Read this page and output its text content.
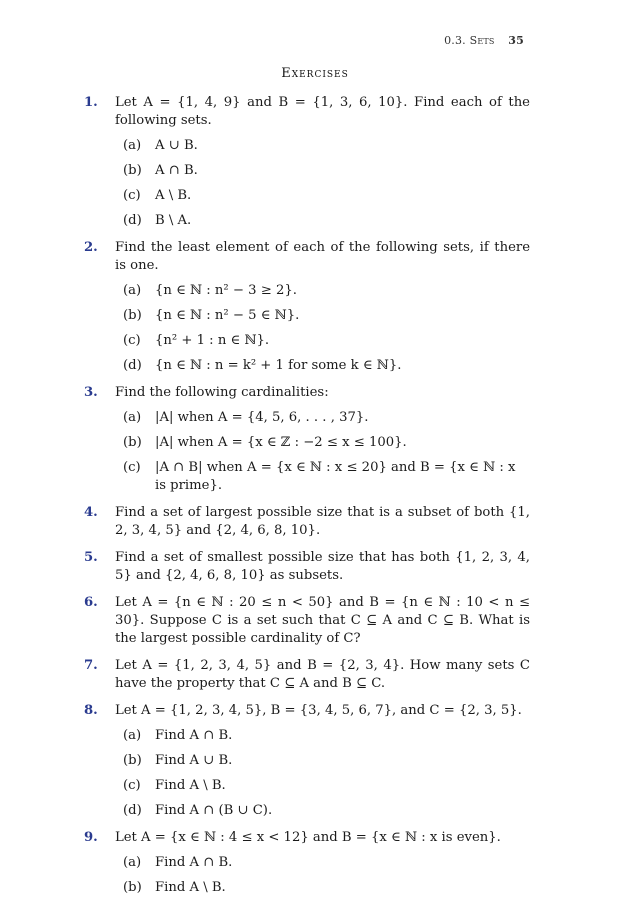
0.3. Sets 35
Exercises
1.	Let A = {1, 4, 9} and B = {1, 3, 6, 10}. Find each of the following sets.
(a) A ∪ B.
(b) A ∩ B.
(c) A \ B.
(d) B \ A.
2.	Find the least element of each of the following sets, if there is one.
(a) {n ∈ ℕ : n² − 3 ≥ 2}.
(b) {n ∈ ℕ : n² − 5 ∈ ℕ}.
(c) {n² + 1 : n ∈ ℕ}.
(d) {n ∈ ℕ : n = k² + 1 for some k ∈ ℕ}.
3.	Find the following cardinalities:
(a) |A| when A = {4, 5, 6, . . . , 37}.
(b) |A| when A = {x ∈ ℤ : −2 ≤ x ≤ 100}.
(c) |A ∩ B| when A = {x ∈ ℕ : x ≤ 20} and B = {x ∈ ℕ : x is prime}.
4.	Find a set of largest possible size that is a subset of both {1, 2, 3, 4, 5} and {2, 4, 6, 8, 10}.
5.	Find a set of smallest possible size that has both {1, 2, 3, 4, 5} and {2, 4, 6, 8, 10} as subsets.
6.	Let A = {n ∈ ℕ : 20 ≤ n < 50} and B = {n ∈ ℕ : 10 < n ≤ 30}. Suppose C is a set such that C ⊆ A and C ⊆ B. What is the largest possible cardinality of C?
7.	Let A = {1, 2, 3, 4, 5} and B = {2, 3, 4}. How many sets C have the property that C ⊆ A and B ⊆ C.
8.	Let A = {1, 2, 3, 4, 5}, B = {3, 4, 5, 6, 7}, and C = {2, 3, 5}.
(a) Find A ∩ B.
(b) Find A ∪ B.
(c) Find A \ B.
(d) Find A ∩ (B ∪ C).
9.	Let A = {x ∈ ℕ : 4 ≤ x < 12} and B = {x ∈ ℕ : x is even}.
(a) Find A ∩ B.
(b) Find A \ B.
